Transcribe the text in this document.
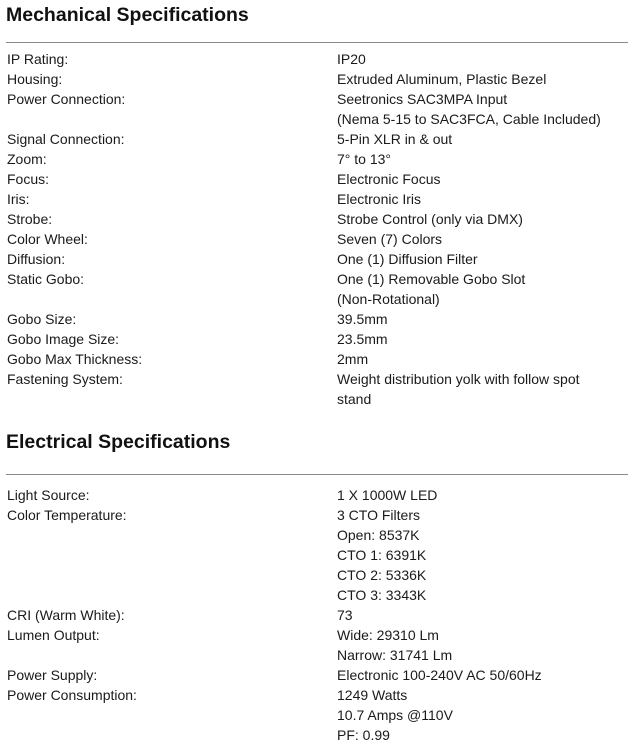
Mechanical Specifications
IP Rating:	IP20
Housing:	Extruded Aluminum, Plastic Bezel
Power Connection:	Seetronics SAC3MPA Input
(Nema 5-15 to SAC3FCA, Cable Included)
Signal Connection:	5-Pin XLR in & out
Zoom:	7° to 13°
Focus:	Electronic Focus
Iris:	Electronic Iris
Strobe:	Strobe Control (only via DMX)
Color Wheel:	Seven (7) Colors
Diffusion:	One (1) Diffusion Filter
Static Gobo:	One (1) Removable Gobo Slot
(Non-Rotational)
Gobo Size:	39.5mm
Gobo Image Size:	23.5mm
Gobo Max Thickness:	2mm
Fastening System:	Weight distribution yolk with follow spot
stand
Electrical Specifications
Light Source:	1 X 1000W LED
Color Temperature:	3 CTO Filters
Open: 8537K
CTO 1: 6391K
CTO 2: 5336K
CTO 3: 3343K
CRI (Warm White):	73
Lumen Output:	Wide: 29310 Lm
Narrow: 31741 Lm
Power Supply:	Electronic 100-240V AC 50/60Hz
Power Consumption:	1249 Watts
10.7 Amps @110V
PF: 0.99
